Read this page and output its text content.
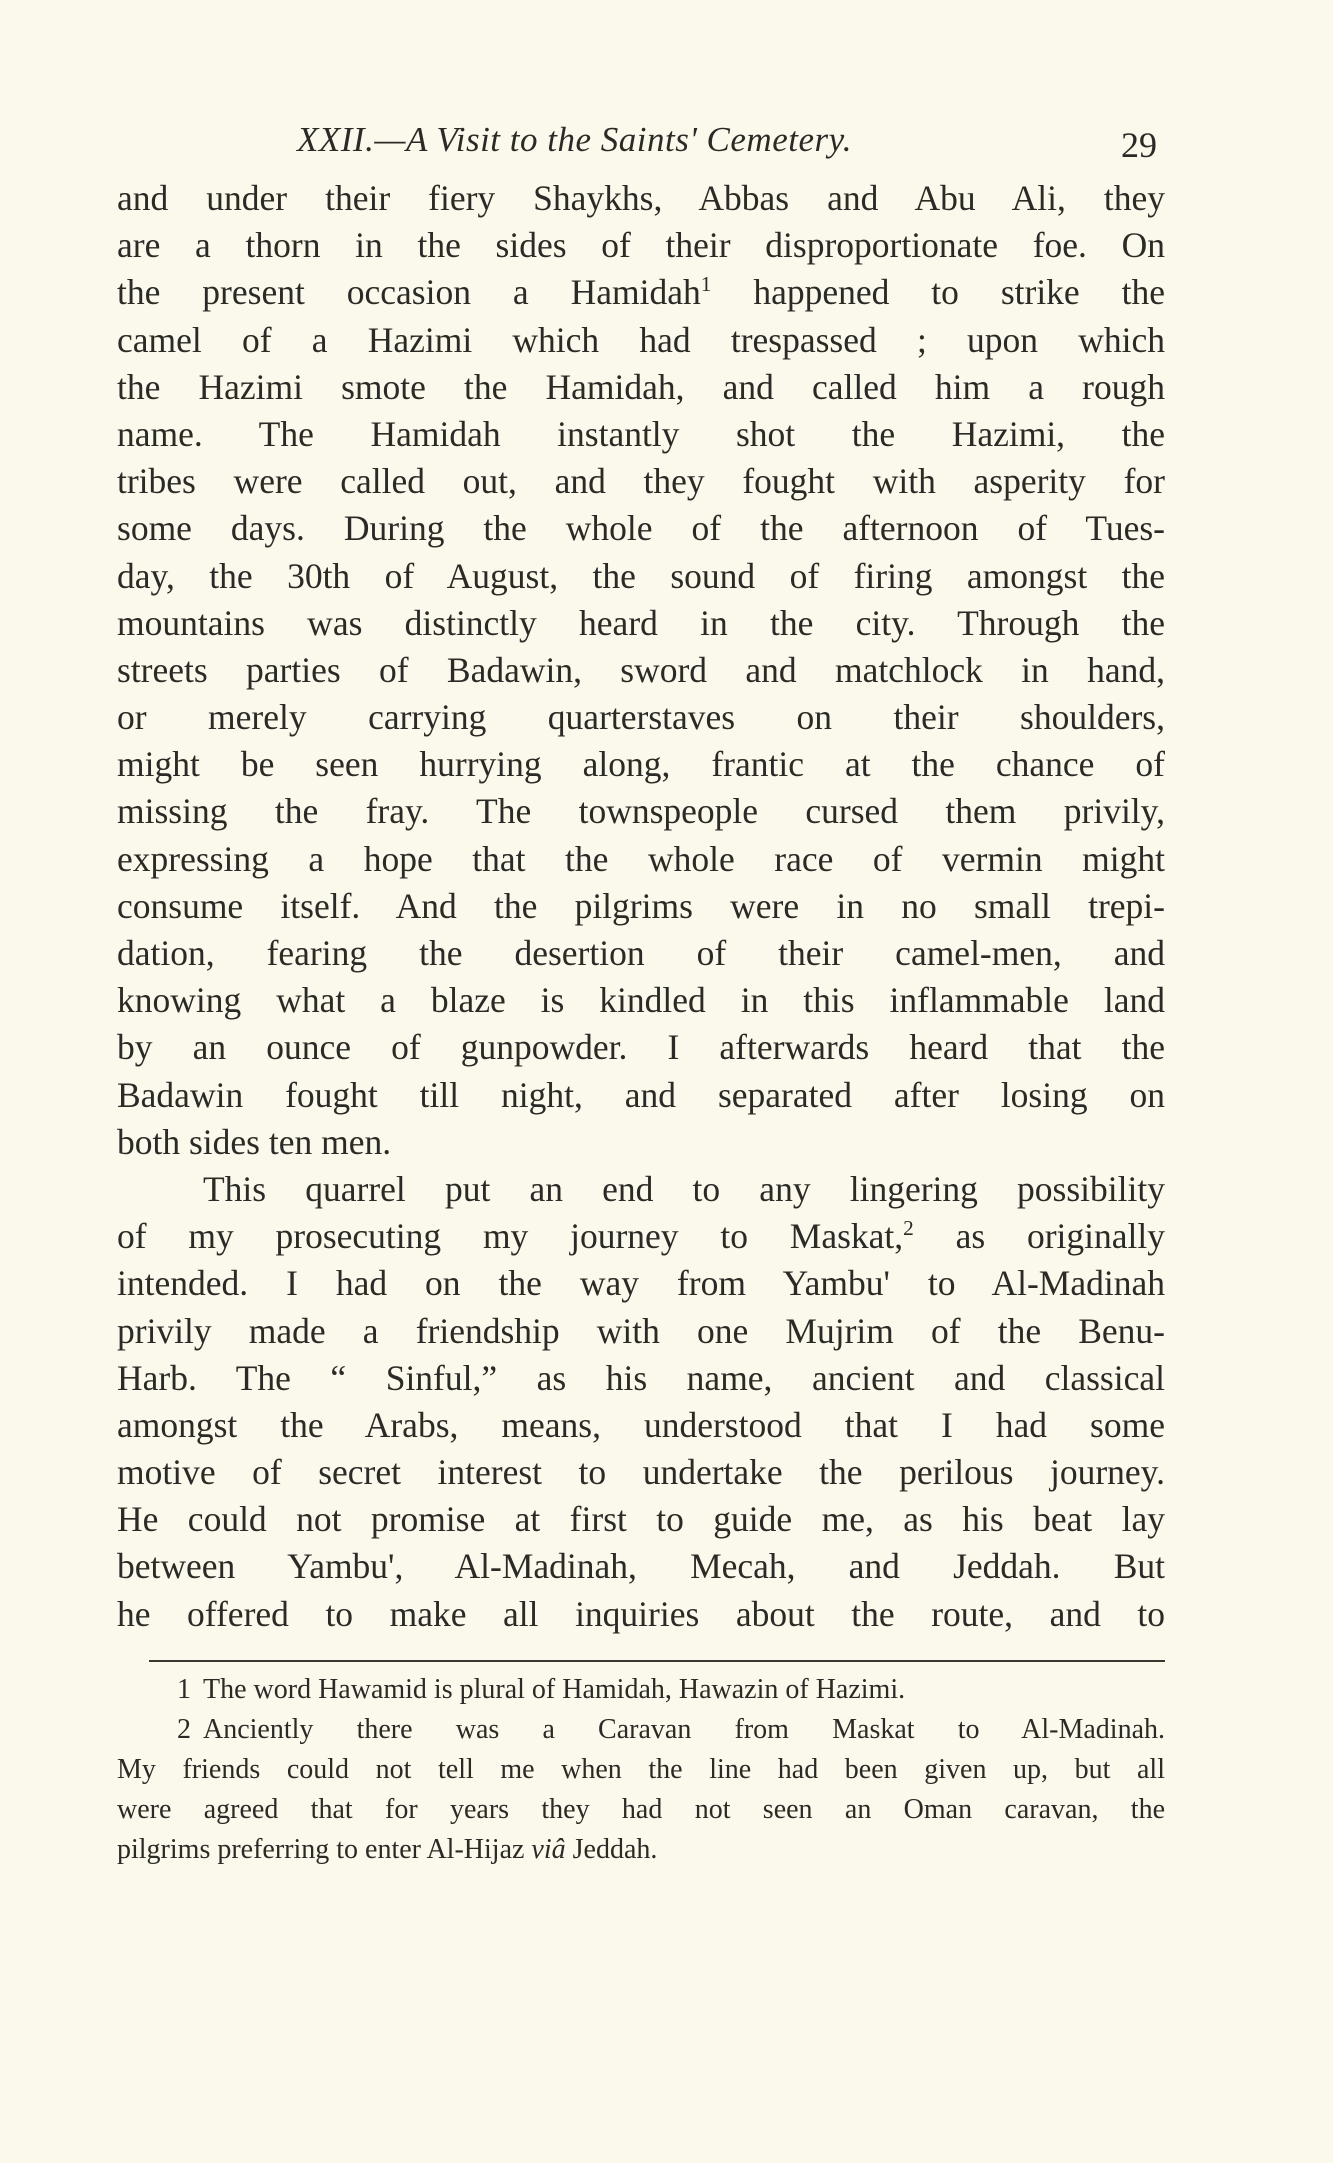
XXII.—A Visit to the Saints' Cemetery.	29
and under their fiery Shaykhs, Abbas and Abu Ali, they
are a thorn in the sides of their disproportionate foe. On
the present occasion a Hamidah$^1$ happened to strike the
camel of a Hazimi which had trespassed ; upon which
the Hazimi smote the Hamidah, and called him a rough
name. The Hamidah instantly shot the Hazimi, the
tribes were called out, and they fought with asperity for
some days. During the whole of the afternoon of Tues-
day, the 30th of August, the sound of firing amongst the
mountains was distinctly heard in the city. Through the
streets parties of Badawin, sword and matchlock in hand,
or merely carrying quarterstaves on their shoulders,
might be seen hurrying along, frantic at the chance of
missing the fray. The townspeople cursed them privily,
expressing a hope that the whole race of vermin might
consume itself. And the pilgrims were in no small trepi-
dation, fearing the desertion of their camel-men, and
knowing what a blaze is kindled in this inflammable land
by an ounce of gunpowder. I afterwards heard that the
Badawin fought till night, and separated after losing on
both sides ten men.
This quarrel put an end to any lingering possibility
of my prosecuting my journey to Maskat,$^2$ as originally
intended. I had on the way from Yambu' to Al-Madinah
privily made a friendship with one Mujrim of the Benu-
Harb. The “ Sinful,” as his name, ancient and classical
amongst the Arabs, means, understood that I had some
motive of secret interest to undertake the perilous journey.
He could not promise at first to guide me, as his beat lay
between Yambu', Al-Madinah, Mecah, and Jeddah. But
he offered to make all inquiries about the route, and to
1 The word Hawamid is plural of Hamidah, Hawazin of Hazimi.
2 Anciently there was a Caravan from Maskat to Al-Madinah.
My friends could not tell me when the line had been given up, but all
were agreed that for years they had not seen an Oman caravan, the
pilgrims preferring to enter Al-Hijaz viâ Jeddah.
